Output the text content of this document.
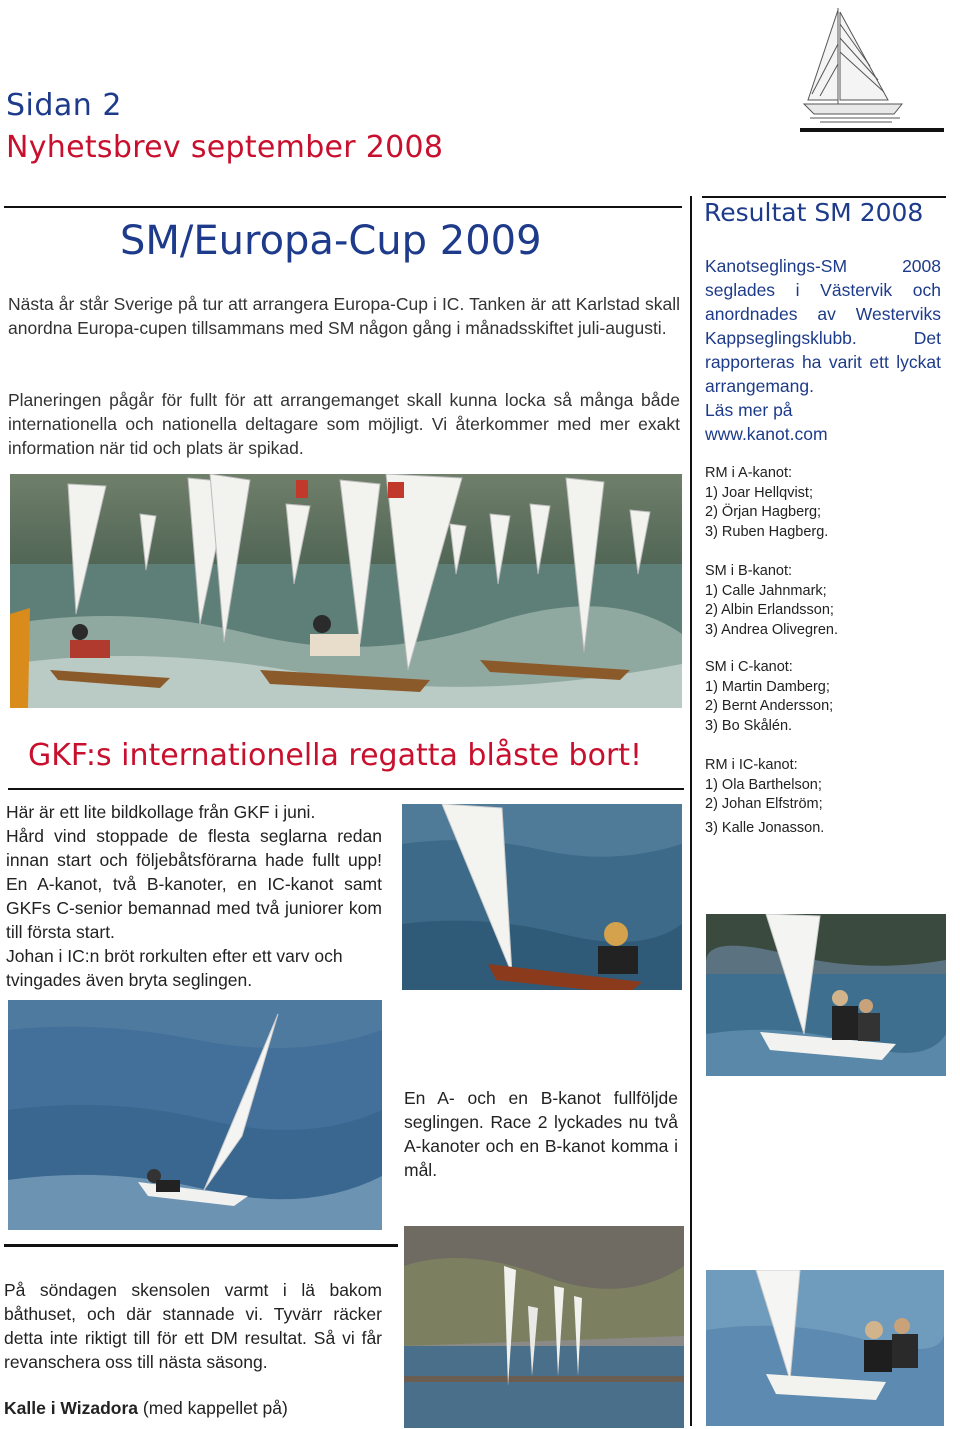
Sidan 2
Nyhetsbrev september 2008
SM/Europa-Cup 2009
Nästa år står Sverige på tur att arrangera Europa-Cup i IC. Tanken är att Karlstad skall anordna Europa-cupen tillsammans med SM någon gång i månadsskiftet juli-augusti.
Planeringen pågår för fullt för att arrangemanget skall kunna locka så många både internationella och nationella deltagare som möjligt. Vi återkommer med mer exakt information när tid och plats är spikad.
GKF:s internationella regatta blåste bort!
Här är ett lite bildkollage från GKF i juni.
Hård vind stoppade de flesta seglarna redan innan start och följebåtsförarna hade fullt upp! En A-kanot, två B-kanoter, en IC-kanot samt GKFs C-senior bemannad med två juniorer kom till första start.
Johan i IC:n bröt rorkulten efter ett varv och tvingades även bryta seglingen.
En A- och en B-kanot fullföljde seglingen. Race 2 lyckades nu två A-kanoter och en B-kanot komma i mål.
På söndagen skensolen varmt i lä bakom båthuset, och där stannade vi. Tyvärr räcker detta inte riktigt till för ett DM resultat. Så vi får revanschera oss till nästa säsong.
Kalle i Wizadora (med kappellet på)
Resultat SM 2008
Kanotseglings-SM 2008 seglades i Västervik och anordnades av Westerviks Kappseglingsklubb. Det rapporteras ha varit ett lyckat arrangemang.
Läs mer på
www.kanot.com
RM i A-kanot:
1) Joar Hellqvist;
2) Örjan Hagberg;
3) Ruben Hagberg.
SM i B-kanot:
1) Calle Jahnmark;
2) Albin Erlandsson;
3) Andrea Olivegren.
SM i C-kanot:
1) Martin Damberg;
2) Bernt Andersson;
3) Bo Skålén.
RM i IC-kanot:
1) Ola Barthelson;
2) Johan Elfström;
3) Kalle Jonasson.
